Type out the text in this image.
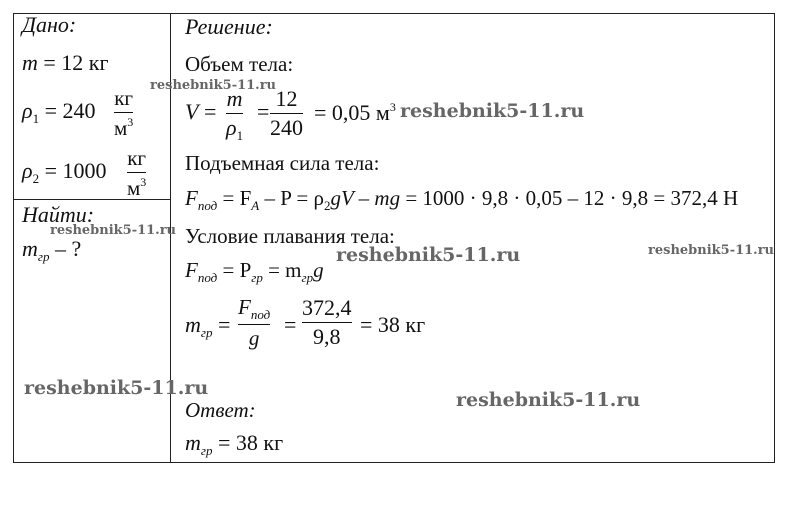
Дано:
m = 12 кг
$\rho_1 = 240$ кг
$м^3$
$\rho_2 = 1000$ кг
$м^3$
Найти:
$m_{гр}$ – ?
Решение:
Объем тела:
V =
m
$\rho_1$
=
12
240
= 0,05 $м^3$
Подъемная сила тела:
$F_{под} = F_A - P = \rho_2gV$ – mg = 1000 · 9,8 · 0,05 – 12 · 9,8 = 372,4 Н
Условие плавания тела:
$F_{под} = P_{гр} = m_{гр}g$
$m_{гр}$ =
$F_{под}$
g
=
372,4
9,8 = 38 кг
Ответ:
$m_{гр} = 38$ кг
reshebnik5-11.ru
reshebnik5-11.ru
reshebnik5-11.ru
reshebnik5-11.ru
reshebnik5-11.ru
reshebnik5-11.ru
reshebnik5-11.ru
